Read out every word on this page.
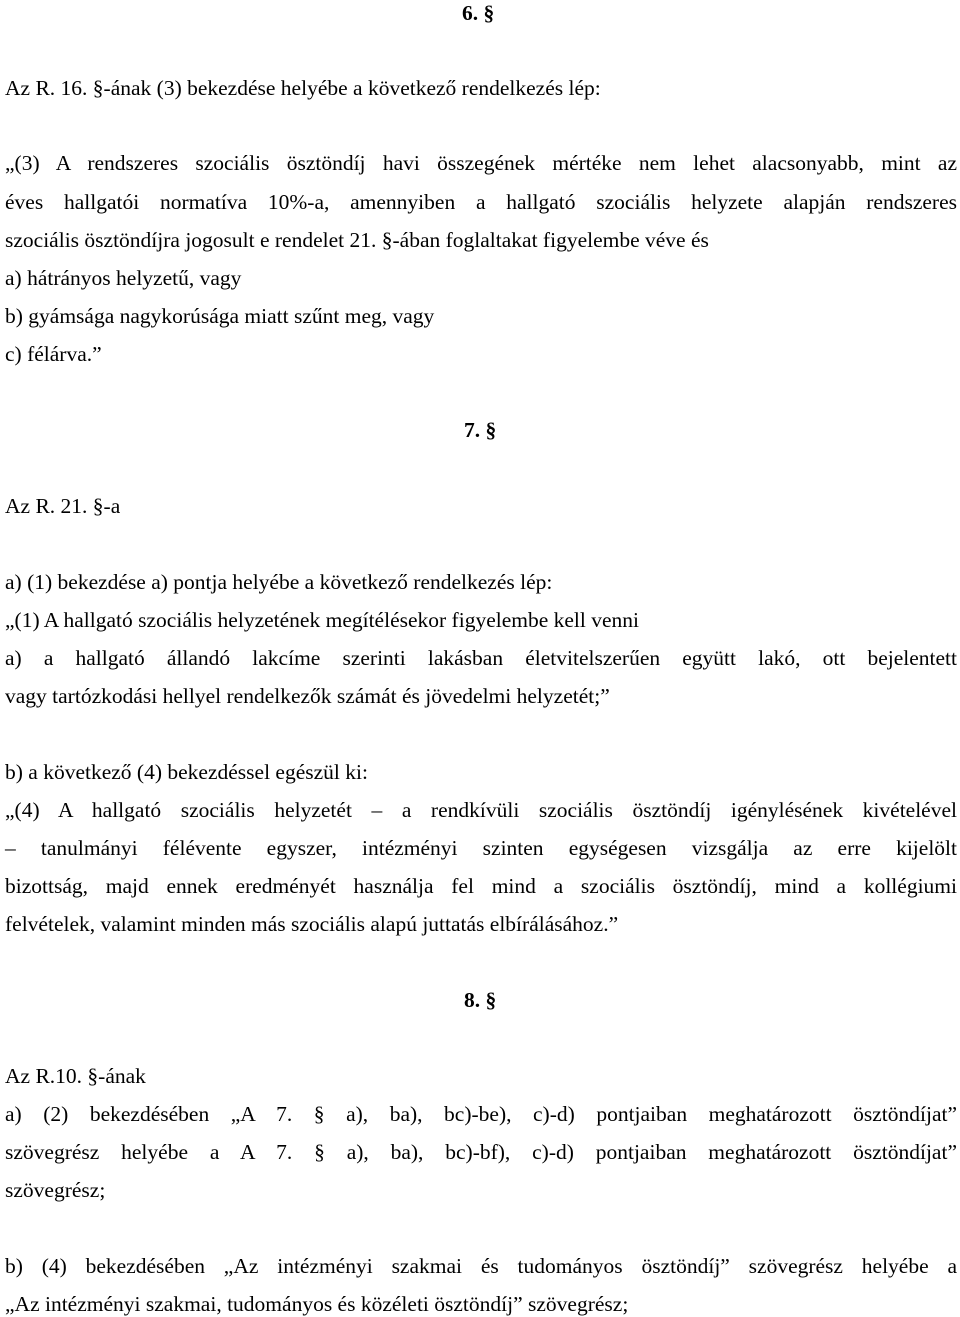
6. §
Az R. 16. §-ának (3) bekezdése helyébe a következő rendelkezés lép:
„(3) A rendszeres szociális ösztöndíj havi összegének mértéke nem lehet alacsonyabb, mint az
éves hallgatói normatíva 10%-a, amennyiben a hallgató szociális helyzete alapján rendszeres
szociális ösztöndíjra jogosult e rendelet 21. §-ában foglaltakat figyelembe véve és
a) hátrányos helyzetű, vagy
b) gyámsága nagykorúsága miatt szűnt meg, vagy
c) félárva.”
7. §
Az R. 21. §-a
a) (1) bekezdése a) pontja helyébe a következő rendelkezés lép:
„(1) A hallgató szociális helyzetének megítélésekor figyelembe kell venni
a) a hallgató állandó lakcíme szerinti lakásban életvitelszerűen együtt lakó, ott bejelentett
vagy tartózkodási hellyel rendelkezők számát és jövedelmi helyzetét;”
b) a következő (4) bekezdéssel egészül ki:
„(4) A hallgató szociális helyzetét – a rendkívüli szociális ösztöndíj igénylésének kivételével
– tanulmányi félévente egyszer, intézményi szinten egységesen vizsgálja az erre kijelölt
bizottság, majd ennek eredményét használja fel mind a szociális ösztöndíj, mind a kollégiumi
felvételek, valamint minden más szociális alapú juttatás elbírálásához.”
8. §
Az R.10. §-ának
a) (2) bekezdésében „A 7. § a), ba), bc)-be), c)-d) pontjaiban meghatározott ösztöndíjat”
szövegrész helyébe a A 7. § a), ba), bc)-bf), c)-d) pontjaiban meghatározott ösztöndíjat”
szövegrész;
b) (4) bekezdésében „Az intézményi szakmai és tudományos ösztöndíj” szövegrész helyébe a
„Az intézményi szakmai, tudományos és közéleti ösztöndíj” szövegrész;
